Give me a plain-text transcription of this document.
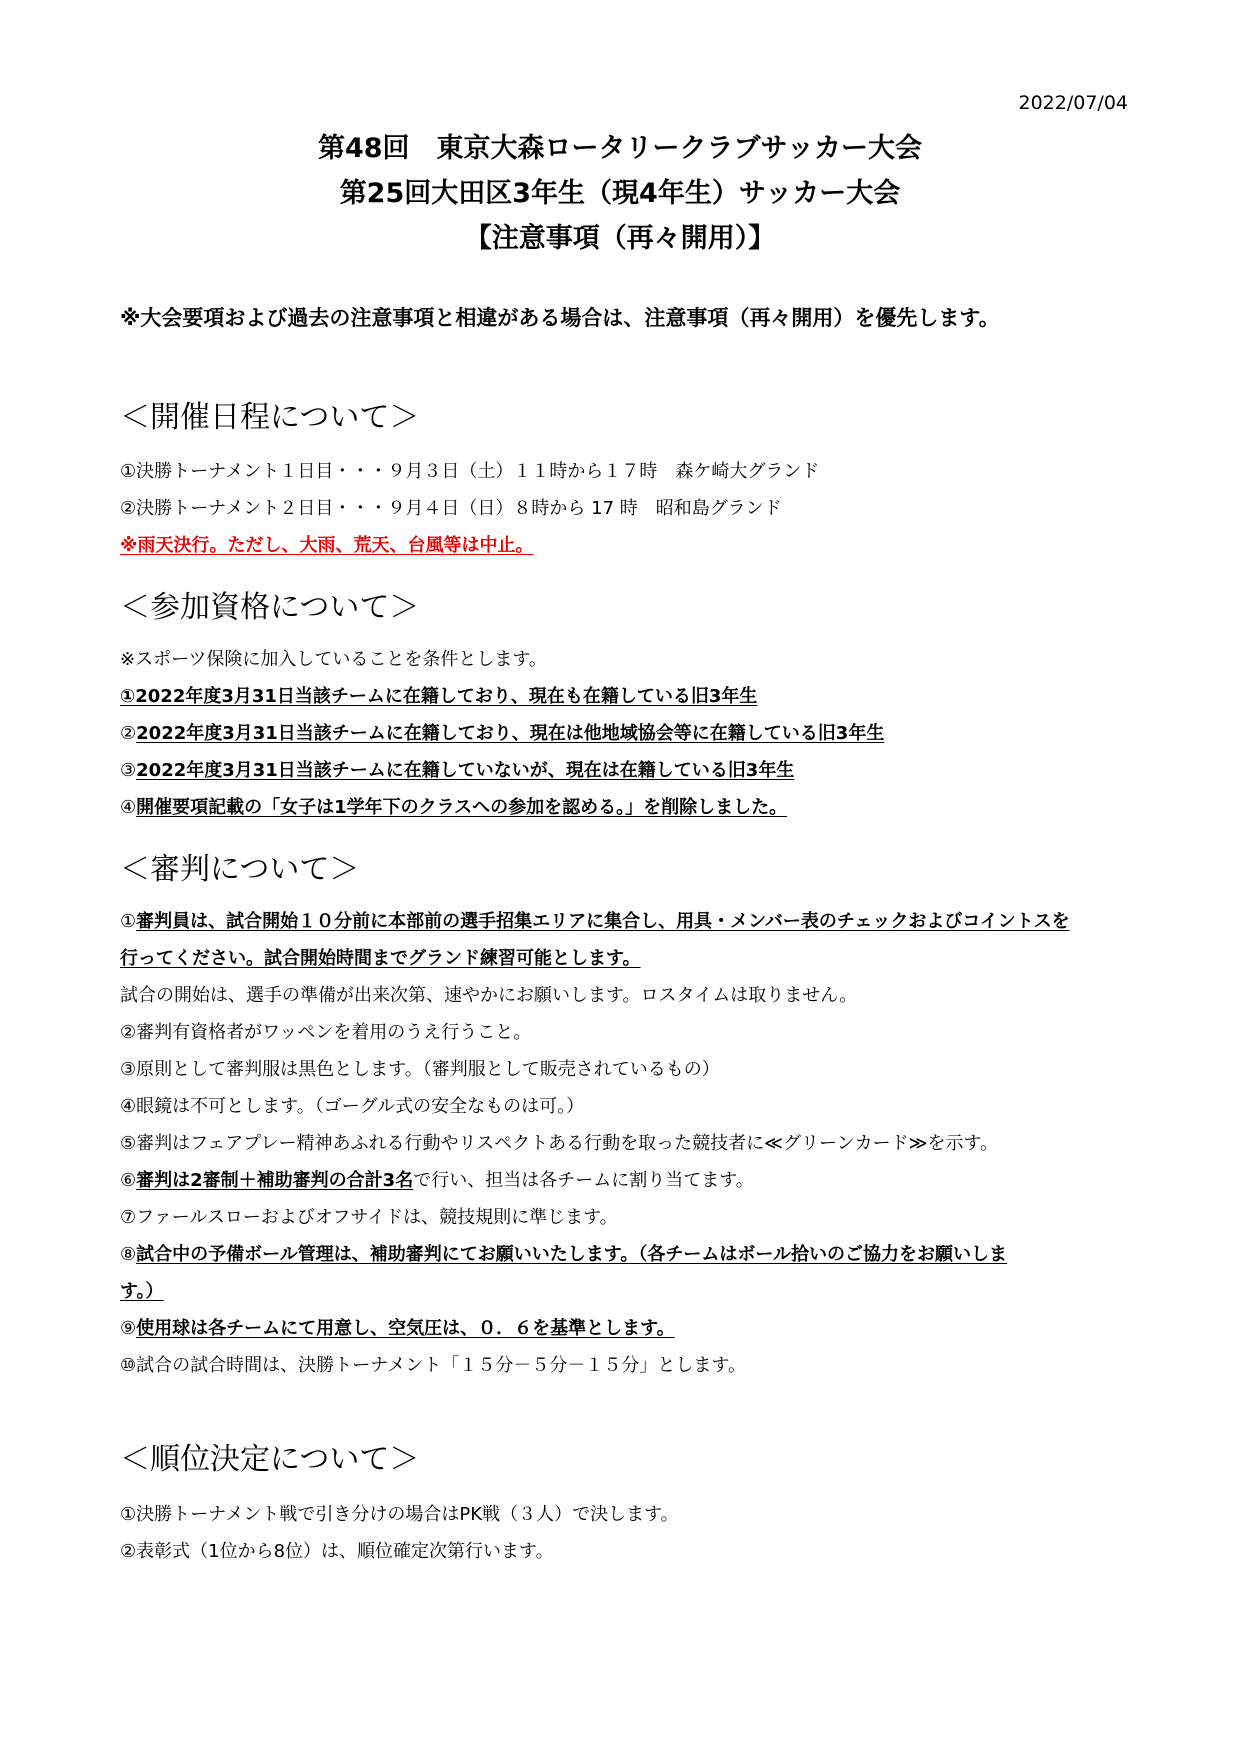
2022/07/04
第48回　東京大森ロータリークラブサッカー大会
第25回大田区3年生（現4年生）サッカー大会
【注意事項（再々開用）】
※大会要項および過去の注意事項と相違がある場合は、注意事項（再々開用）を優先します。
＜開催日程について＞
①決勝トーナメント１日目・・・９月３日（土）１１時から１７時　森ケ崎大グランド
②決勝トーナメント２日目・・・９月４日（日）８時から 17 時　昭和島グランド
※雨天決行。ただし、大雨、荒天、台風等は中止。
＜参加資格について＞
※スポーツ保険に加入していることを条件とします。
①2022年度3月31日当該チームに在籍しており、現在も在籍している旧3年生
②2022年度3月31日当該チームに在籍しており、現在は他地域協会等に在籍している旧3年生
③2022年度3月31日当該チームに在籍していないが、現在は在籍している旧3年生
④開催要項記載の「女子は1学年下のクラスへの参加を認める。」を削除しました。
＜審判について＞
①審判員は、試合開始１０分前に本部前の選手招集エリアに集合し、用具・メンバー表のチェックおよびコイントスを
行ってください。試合開始時間までグランド練習可能とします。
試合の開始は、選手の準備が出来次第、速やかにお願いします。ロスタイムは取りません。
②審判有資格者がワッペンを着用のうえ行うこと。
③原則として審判服は黒色とします。（審判服として販売されているもの）
④眼鏡は不可とします。（ゴーグル式の安全なものは可。）
⑤審判はフェアプレー精神あふれる行動やリスペクトある行動を取った競技者に≪グリーンカード≫を示す。
⑥審判は2審制＋補助審判の合計3名で行い、担当は各チームに割り当てます。
⑦ファールスローおよびオフサイドは、競技規則に準じます。
⑧試合中の予備ボール管理は、補助審判にてお願いいたします。（各チームはボール拾いのご協力をお願いしま
す。）
⑨使用球は各チームにて用意し、空気圧は、０．６を基準とします。
⑩試合の試合時間は、決勝トーナメント「１５分－５分－１５分」とします。
＜順位決定について＞
①決勝トーナメント戦で引き分けの場合はPK戦（３人）で決します。
②表彰式（1位から8位）は、順位確定次第行います。
